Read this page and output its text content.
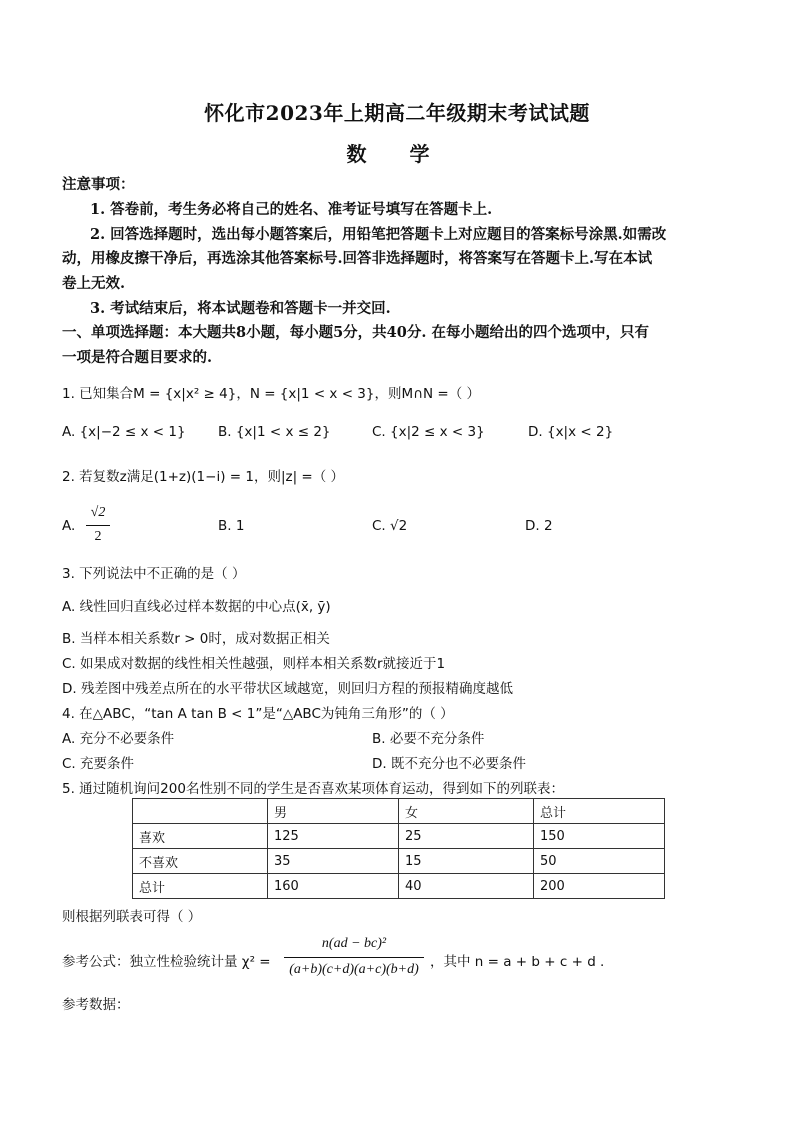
怀化市2023年上期高二年级期末考试试题
数 学
注意事项：
1. 答卷前，考生务必将自己的姓名、准考证号填写在答题卡上.
2. 回答选择题时，选出每小题答案后，用铅笔把答题卡上对应题目的答案标号涂黑.如需改
动，用橡皮擦干净后，再选涂其他答案标号.回答非选择题时，将答案写在答题卡上.写在本试
卷上无效.
3. 考试结束后，将本试题卷和答题卡一并交回.
一、单项选择题：本大题共8小题，每小题5分，共40分. 在每小题给出的四个选项中，只有
一项是符合题目要求的.
1. 已知集合M = {x|x² ≥ 4}，N = {x|1 < x < 3}，则M∩N =（ ）
A. {x|−2 ≤ x < 1} B. {x|1 < x ≤ 2}	C. {x|2 ≤ x < 3}	D. {x|x < 2}
2. 若复数z满足(1+z)(1−i) = 1，则|z| =（ ）
A.
√2
2
B. 1	C. √2	D. 2
3. 下列说法中不正确的是（ ）
A. 线性回归直线必过样本数据的中心点(x̄, ȳ)
B. 当样本相关系数r > 0时，成对数据正相关
C. 如果成对数据的线性相关性越强，则样本相关系数r就接近于1
D. 残差图中残差点所在的水平带状区域越宽，则回归方程的预报精确度越低
4. 在△ABC，“tan A tan B < 1”是“△ABC为钝角三角形”的（ ）
A. 充分不必要条件	B. 必要不充分条件
C. 充要条件	D. 既不充分也不必要条件
5. 通过随机询问200名性别不同的学生是否喜欢某项体育运动，得到如下的列联表：
	男	女	总计
喜欢	125	25	150
不喜欢	35	15	50
总计	160	40	200
则根据列联表可得（ ）
参考公式：独立性检验统计量 χ² =
n(ad − bc)²
(a+b)(c+d)(a+c)(b+d) ，其中 n = a + b + c + d .
参考数据：
